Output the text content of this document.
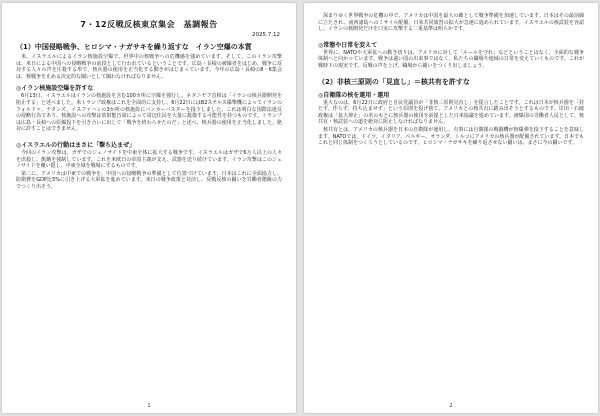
7・12反戦反核東京集会　基調報告
2025.7.12
（1）中国侵略戦争、ヒロシマ・ナガサキを繰り返すな　イラン空爆の本質

米、イスラエルによるイラン核施設空爆で、世界中の核戦争への危機感を強めています。そして、このイラン攻撃は、米日による中国への侵略戦争の前段として行われているということです。広島・長崎の被爆者をはじめ、戦争に反対する人々の声を圧殺する形で、核兵器の使用を正当化する動きがはじまっています。今年の広島・長崎の8・6集会は、核戦争を止める決定的な闘いとして闘わなければなりません。

◎イラン核施設空爆を許すな

6月13日、イスラエルはイランの核施設を含む100カ所に空爆を強行し、ネタニヤフ首相は「イランの核兵器開発を阻止する」と述べました。米トランプ政権はこれを全面的に支持し、6月22日にはB2ステルス爆撃機によってイランのフォルドゥ、ナタンズ、イスファハンの3か所の核施設にバンカーバスターを投下しました。これは明白な国際法違反の侵略行為であり、核施設への攻撃は放射能汚染によって周辺住民を大量に殺傷する可能性を持つものです。トランプは広島・長崎への原爆投下を引き合いに出して「戦争を終わらせたのだ」と述べ、核兵器の使用を正当化しました。絶対に許すことはできません。

◎イスラエルの行動はまさに「撃ち込まぜ」

今回のイラン攻撃は、ガザでのジェノサイドを中東全体に拡大する戦争です。イスラエルはガザで6万人以上の人々を虐殺し、飢餓を強制しています。これを米欧日の帝国主義が支え、武器を送り続けています。イラン攻撃はこのジェノサイドを覆い隠し、中東全域を戦場にするものです。

第二に、アメリカは中東での戦争を、中国への侵略戦争の準備として位置づけています。日本はこれに全面協力し、防衛費をGDP比5%に引き上げる大軍拡を進めています。米日の戦争政策と対決し、反戦反核の闘いを労働者階級の力でつくり出そう。

1

深まりゆく世界戦争の危機の中で、アメリカは中国を最大の敵として戦争準備を加速しています。日本はその最前線に立たされ、南西諸島へのミサイル配備、日米共同演習の拡大が急速に進められています。イスラエルの核武装を容認し、イランの核開発だけを口実に攻撃する二重基準は明らかです。

◎常態や日常を変えて

世界に、NATOや大軍拡への動き切りは、アメリカに対して「ルールを守れ」などということはなく、全面的な戦争体制へと向かっています。戦争は遠い国の出来事ではなく、私たちの職場や地域の日常を変えていくものです。これが戦時下の現実です。反戦の声を上げ、職場から闘いをつくり出しましょう。

（2）非核三原則の「見直し」＝核共有を許すな
◎自衛隊の核を運用・運用

重大なのは、6月22日に政府と自民党議員が「非核三原則見直し」を提言したことです。これは日本が核兵器を「持たず、作らず、持ち込ませず」という原則を投げ捨て、アメリカとの核共有に踏み出そうとするものです。岸田・石破政権は「拡大抑止」の名のもとに核兵器の使用を前提とした日米協議を進めています。被爆国の労働者人民として、核共有・核武装への道を絶対に阻止しなければなりません。

核共有とは、アメリカの核兵器を日本の自衛隊が運用し、有事には自衛隊の戦闘機が核爆弾を投下することを意味します。NATOでは、ドイツ、イタリア、ベルギー、オランダ、トルコにアメリカの核兵器が配備されています。日本でもこれと同じ体制をつくろうとしているのです。ヒロシマ・ナガサキを繰り返させない闘いは、まさに今の闘いです。

2
